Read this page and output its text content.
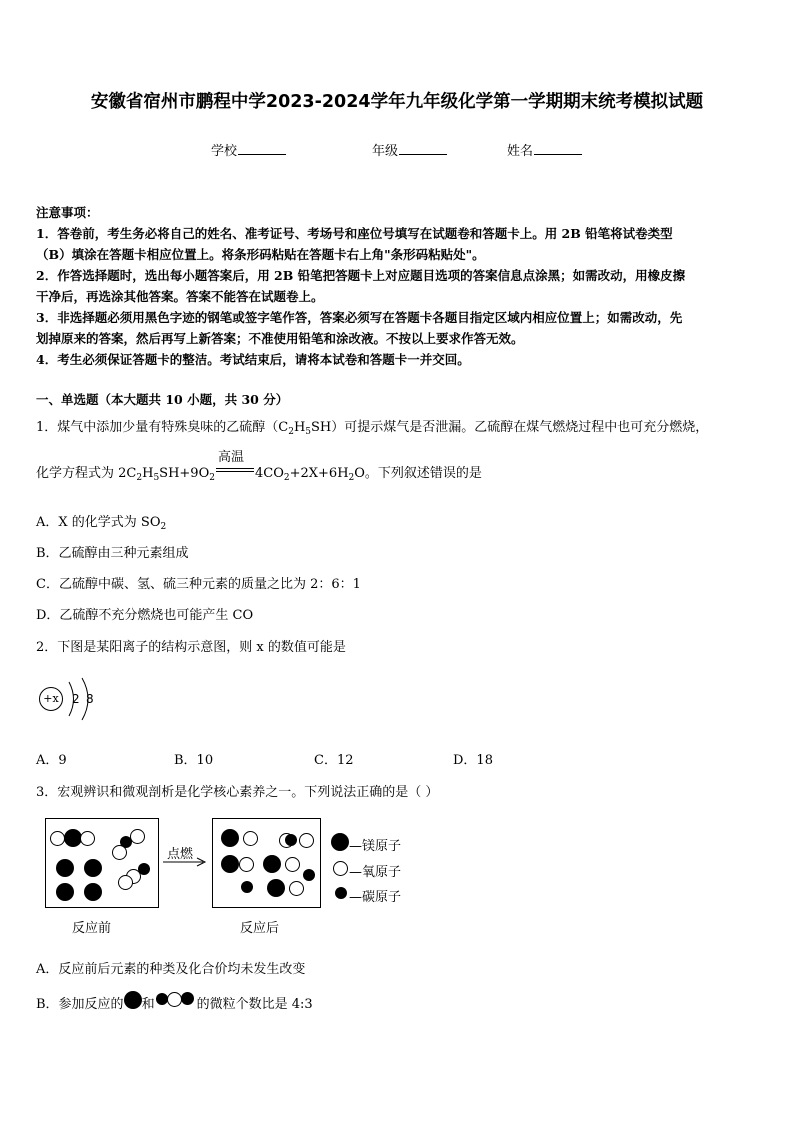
安徽省宿州市鹏程中学2023-2024学年九年级化学第一学期期末统考模拟试题
学校	年级	姓名
注意事项：
1．答卷前，考生务必将自己的姓名、准考证号、考场号和座位号填写在试题卷和答题卡上。用 2B 铅笔将试卷类型
（B）填涂在答题卡相应位置上。将条形码粘贴在答题卡右上角"条形码粘贴处"。
2．作答选择题时，选出每小题答案后，用 2B 铅笔把答题卡上对应题目选项的答案信息点涂黑；如需改动，用橡皮擦
干净后，再选涂其他答案。答案不能答在试题卷上。
3．非选择题必须用黑色字迹的钢笔或签字笔作答，答案必须写在答题卡各题目指定区域内相应位置上；如需改动，先
划掉原来的答案，然后再写上新答案；不准使用铅笔和涂改液。不按以上要求作答无效。
4．考生必须保证答题卡的整洁。考试结束后，请将本试卷和答题卡一并交回。
一、单选题（本大题共 10 小题，共 30 分）
1．煤气中添加少量有特殊臭味的乙硫醇$(C_2H_5SH)$可提示煤气是否泄漏。乙硫醇在煤气燃烧过程中也可充分燃烧，
化学方程式为 $2C_2H_5SH+9O_2$
高温
$4CO_2+2X+6H_2O$。下列叙述错误的是
A．X 的化学式为 $SO_2$
B．乙硫醇由三种元素组成
C．乙硫醇中碳、氢、硫三种元素的质量之比为 2：6：1
D．乙硫醇不充分燃烧也可能产生 CO
2．下图是某阳离子的结构示意图，则 x 的数值可能是
+x	2 8
A．9	B．10	C．12	D．18
3．宏观辨识和微观剖析是化学核心素养之一。下列说法正确的是（ ）
点燃
反应前	反应后
—镁原子
—氧原子
—碳原子
A．反应前后元素的种类及化合价均未发生改变
B．参加反应的 和	的微粒个数比是 4:3
